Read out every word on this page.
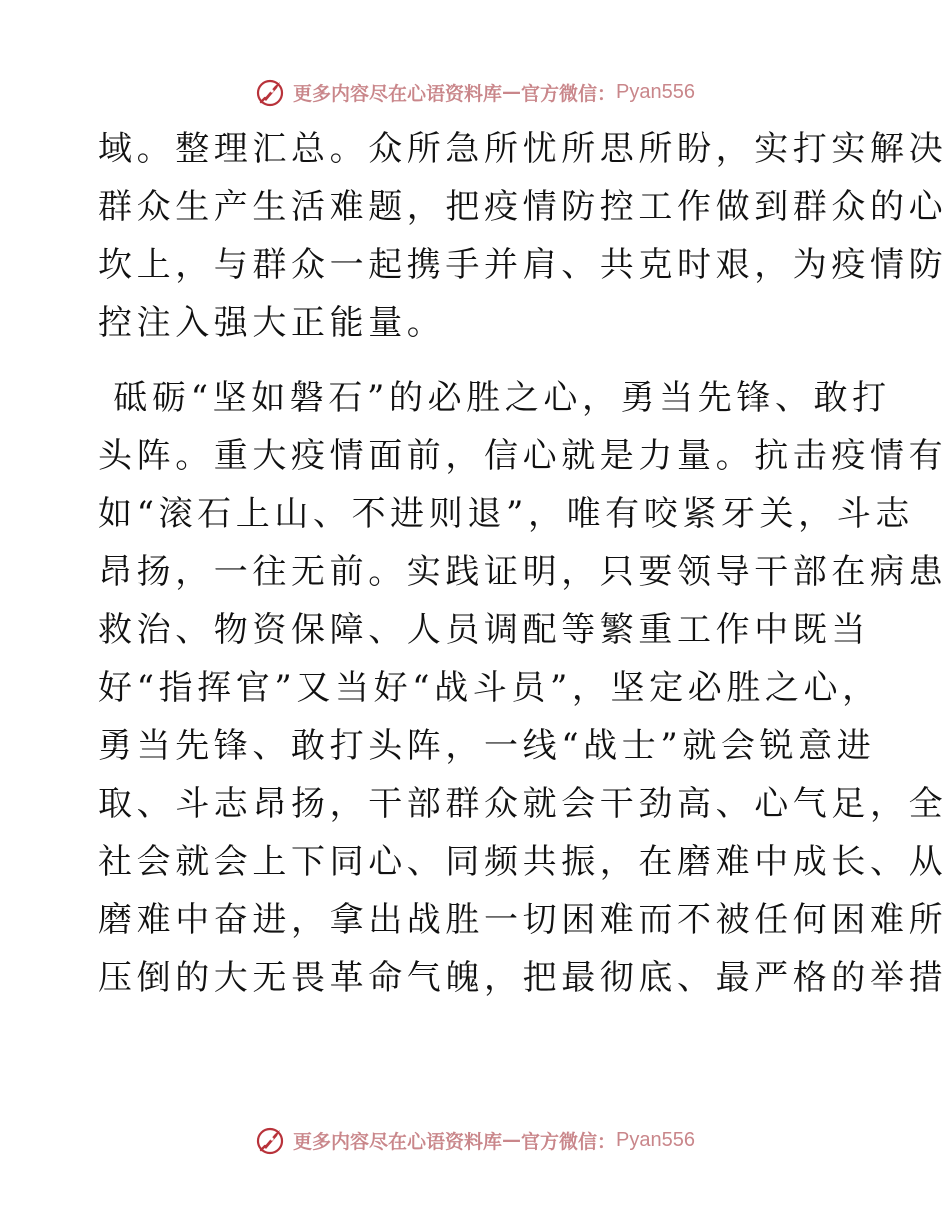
更多内容尽在心语资料库 — 官方微信： Pyan556
域。整理汇总。众所急所忧所思所盼，实打实解决
群众生产生活难题，把疫情防控工作做到群众的心
坎上，与群众一起携手并肩、共克时艰，为疫情防
控注入强大正能量。
砥砺“坚如磐石”的必胜之心，勇当先锋、敢打
头阵。重大疫情面前，信心就是力量。抗击疫情有
如“滚石上山、不进则退”，唯有咬紧牙关，斗志
昂扬，一往无前。实践证明，只要领导干部在病患
救治、物资保障、人员调配等繁重工作中既当
好“指挥官”又当好“战斗员”，坚定必胜之心，
勇当先锋、敢打头阵，一线“战士”就会锐意进
取、斗志昂扬，干部群众就会干劲高、心气足，全
社会就会上下同心、同频共振，在磨难中成长、从
磨难中奋进，拿出战胜一切困难而不被任何困难所
压倒的大无畏革命气魄，把最彻底、最严格的举措
更多内容尽在心语资料库 — 官方微信： Pyan556
